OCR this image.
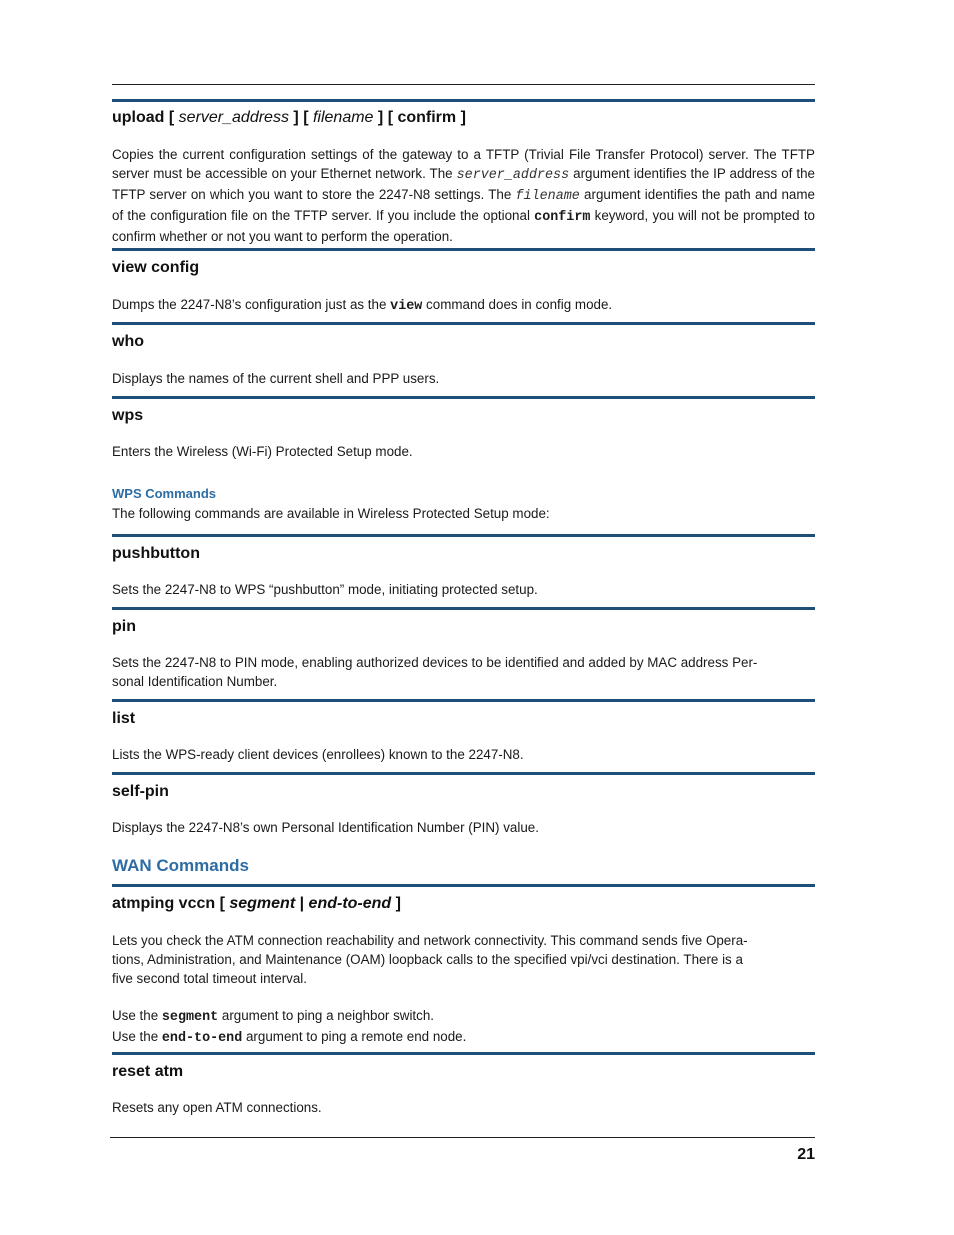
upload [ server_address ] [ filename ] [ confirm ]

Copies the current configuration settings of the gateway to a TFTP (Trivial File Transfer Protocol) server. The TFTP server must be accessible on your Ethernet network. The server_address argument identifies the IP address of the TFTP server on which you want to store the 2247-N8 settings. The filename argument identifies the path and name of the configuration file on the TFTP server. If you include the optional confirm keyword, you will not be prompted to confirm whether or not you want to perform the operation.

view config

Dumps the 2247-N8’s configuration just as the view command does in config mode.

who

Displays the names of the current shell and PPP users.

wps

Enters the Wireless (Wi-Fi) Protected Setup mode.

WPS Commands

The following commands are available in Wireless Protected Setup mode:

pushbutton

Sets the 2247-N8 to WPS “pushbutton” mode, initiating protected setup.

pin

Sets the 2247-N8 to PIN mode, enabling authorized devices to be identified and added by MAC address Per-
sonal Identification Number.

list

Lists the WPS-ready client devices (enrollees) known to the 2247-N8.

self-pin

Displays the 2247-N8’s own Personal Identification Number (PIN) value.

WAN Commands

atmping vccn [ segment | end-to-end ]

Lets you check the ATM connection reachability and network connectivity. This command sends five Opera-
tions, Administration, and Maintenance (OAM) loopback calls to the specified vpi/vci destination. There is a
five second total timeout interval.

Use the segment argument to ping a neighbor switch.
Use the end-to-end argument to ping a remote end node.

reset atm

Resets any open ATM connections.

21
